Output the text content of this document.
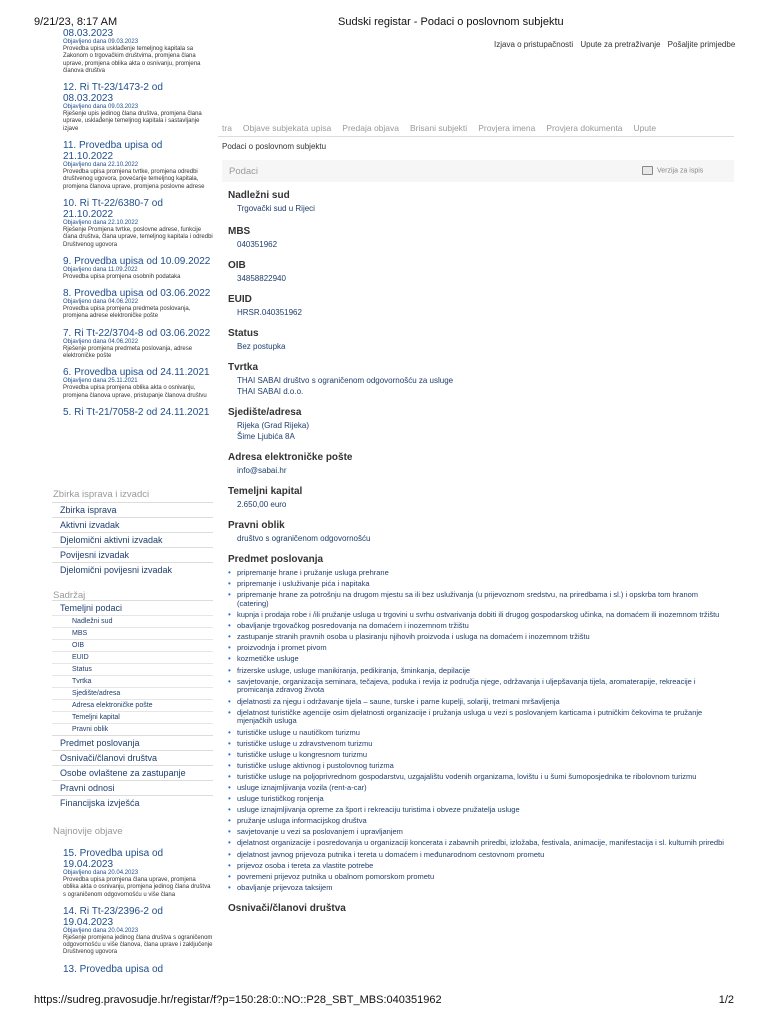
9/21/23, 8:17 AM	Sudski registar - Podaci o poslovnom subjektu
Izjava o pristupačnosti Upute za pretraživanje Pošaljite primjedbe
08.03.2023
Objavljeno dana 09.03.2023
Provedba upisa usklađenje temeljnog kapitala sa Zakonom o trgovačkim društvima, promjena člana uprave, promjena oblika akta o osnivanju, promjena članova društva
12. Ri Tt-23/1473-2 od 08.03.2023
Objavljeno dana 09.03.2023
Rješenje upis jedinog člana društva, promjena člana uprave, usklađenje temeljnog kapitala i sastavljanje izjave
11. Provedba upisa od 21.10.2022
Objavljeno dana 22.10.2022
Provedba upisa promjena tvrtke, promjena odredbi društvenog ugovora, povećanje temeljnog kapitala, promjena članova uprave, promjena poslovne adrese
10. Ri Tt-22/6380-7 od 21.10.2022
Objavljeno dana 22.10.2022
Rješenje Promjena tvrtke, poslovne adrese, funkcije člana društva, člana uprave, temeljnog kapitala i odredbi Društvenog ugovora
9. Provedba upisa od 10.09.2022
Objavljeno dana 11.09.2022
Provedba upisa promjena osobnih podataka
8. Provedba upisa od 03.06.2022
Objavljeno dana 04.06.2022
Provedba upisa promjena predmeta poslovanja, promjena adrese elektroničke pošte
7. Ri Tt-22/3704-8 od 03.06.2022
Objavljeno dana 04.06.2022
Rješenje promjena predmeta poslovanja, adrese elektroničke pošte
6. Provedba upisa od 24.11.2021
Objavljeno dana 25.11.2021
Provedba upisa promjena oblika akta o osnivanju, promjena članova uprave, pristupanje članova društvu
5. Ri Tt-21/7058-2 od 24.11.2021
Zbirka isprava i izvadci
Zbirka isprava
Aktivni izvadak
Djelomični aktivni izvadak
Povijesni izvadak
Djelomični povijesni izvadak
Sadržaj
Temeljni podaci
Nadležni sud
MBS
OIB
EUID
Status
Tvrtka
Sjedište/adresa
Adresa elektroničke pošte
Temeljni kapital
Pravni oblik
Predmet poslovanja
Osnivači/članovi društva
Osobe ovlaštene za zastupanje
Pravni odnosi
Financijska izvješća
Najnovije objave
15. Provedba upisa od 19.04.2023
Objavljeno dana 20.04.2023
Provedba upisa promjena člana uprave, promjena oblika akta o osnivanju, promjena jedinog člana društva s ograničenom odgovornošću u više člana
14. Ri Tt-23/2396-2 od 19.04.2023
Objavljeno dana 20.04.2023
Rješenje promjena jedinog člana društva s ograničenom odgovornošću u više članova, člana uprave i zaključenje Društvenog ugovora
13. Provedba upisa od
tra Objave subjekata upisa Predaja objava Brisani subjekti Provjera imena Provjera dokumenta Upute
Podaci o poslovnom subjektu
Podaci	Verzija za ispis
Nadležni sud
Trgovački sud u Rijeci
MBS
040351962
OIB
34858822940
EUID
HRSR.040351962
Status
Bez postupka
Tvrtka
THAI SABAI društvo s ograničenom odgovornošću za usluge
THAI SABAI d.o.o.
Sjedište/adresa
Rijeka (Grad Rijeka)
Šime Ljubića 8A
Adresa elektroničke pošte
info@sabai.hr
Temeljni kapital
2.650,00 euro
Pravni oblik
društvo s ograničenom odgovornošću
Predmet poslovanja
• pripremanje hrane i pružanje usluga prehrane
• pripremanje i usluživanje pića i napitaka
• pripremanje hrane za potrošnju na drugom mjestu sa ili bez usluživanja (u prijevoznom sredstvu, na priredbama i sl.) i opskrba tom hranom (catering)
• kupnja i prodaja robe i /ili pružanje usluga u trgovini u svrhu ostvarivanja dobiti ili drugog gospodarskog učinka, na domaćem ili inozemnom tržištu
• obavljanje trgovačkog posredovanja na domaćem i inozemnom tržištu
• zastupanje stranih pravnih osoba u plasiranju njihovih proizvoda i usluga na domaćem i inozemnom tržištu
• proizvodnja i promet pivom
• kozmetičke usluge
• frizerske usluge, usluge manikiranja, pedikiranja, šminkanja, depilacije
• savjetovanje, organizacija seminara, tečajeva, poduka i revija iz područja njege, održavanja i uljepšavanja tijela, aromaterapije, rekreacije i promicanja zdravog života
• djelatnosti za njegu i održavanje tijela – saune, turske i parne kupelji, solariji, tretmani mršavljenja
• djelatnost turističke agencije osim djelatnosti organizacije i pružanja usluga u vezi s poslovanjem karticama i putničkim čekovima te pružanje mjenjačkih usluga
• turističke usluge u nautičkom turizmu
• turističke usluge u zdravstvenom turizmu
• turističke usluge u kongresnom turizmu
• turističke usluge aktivnog i pustolovnog turizma
• turističke usluge na poljoprivrednom gospodarstvu, uzgajalištu vodenih organizama, lovištu i u šumi šumoposjednika te ribolovnom turizmu
• usluge iznajmljivanja vozila (rent-a-car)
• usluge turističkog ronjenja
• usluge iznajmljivanja opreme za šport i rekreaciju turistima i obveze pružatelja usluge
• pružanje usluga informacijskog društva
• savjetovanje u vezi sa poslovanjem i upravljanjem
• djelatnost organizacije i posredovanja u organizaciji koncerata i zabavnih priredbi, izložaba, festivala, animacije, manifestacija i sl. kulturnih priredbi
• djelatnost javnog prijevoza putnika i tereta u domaćem i međunarodnom cestovnom prometu
• prijevoz osoba i tereta za vlastite potrebe
• povremeni prijevoz putnika u obalnom pomorskom prometu
• obavljanje prijevoza taksijem
Osnivači/članovi društva
https://sudreg.pravosudje.hr/registar/f?p=150:28:0::NO::P28_SBT_MBS:040351962	1/2
